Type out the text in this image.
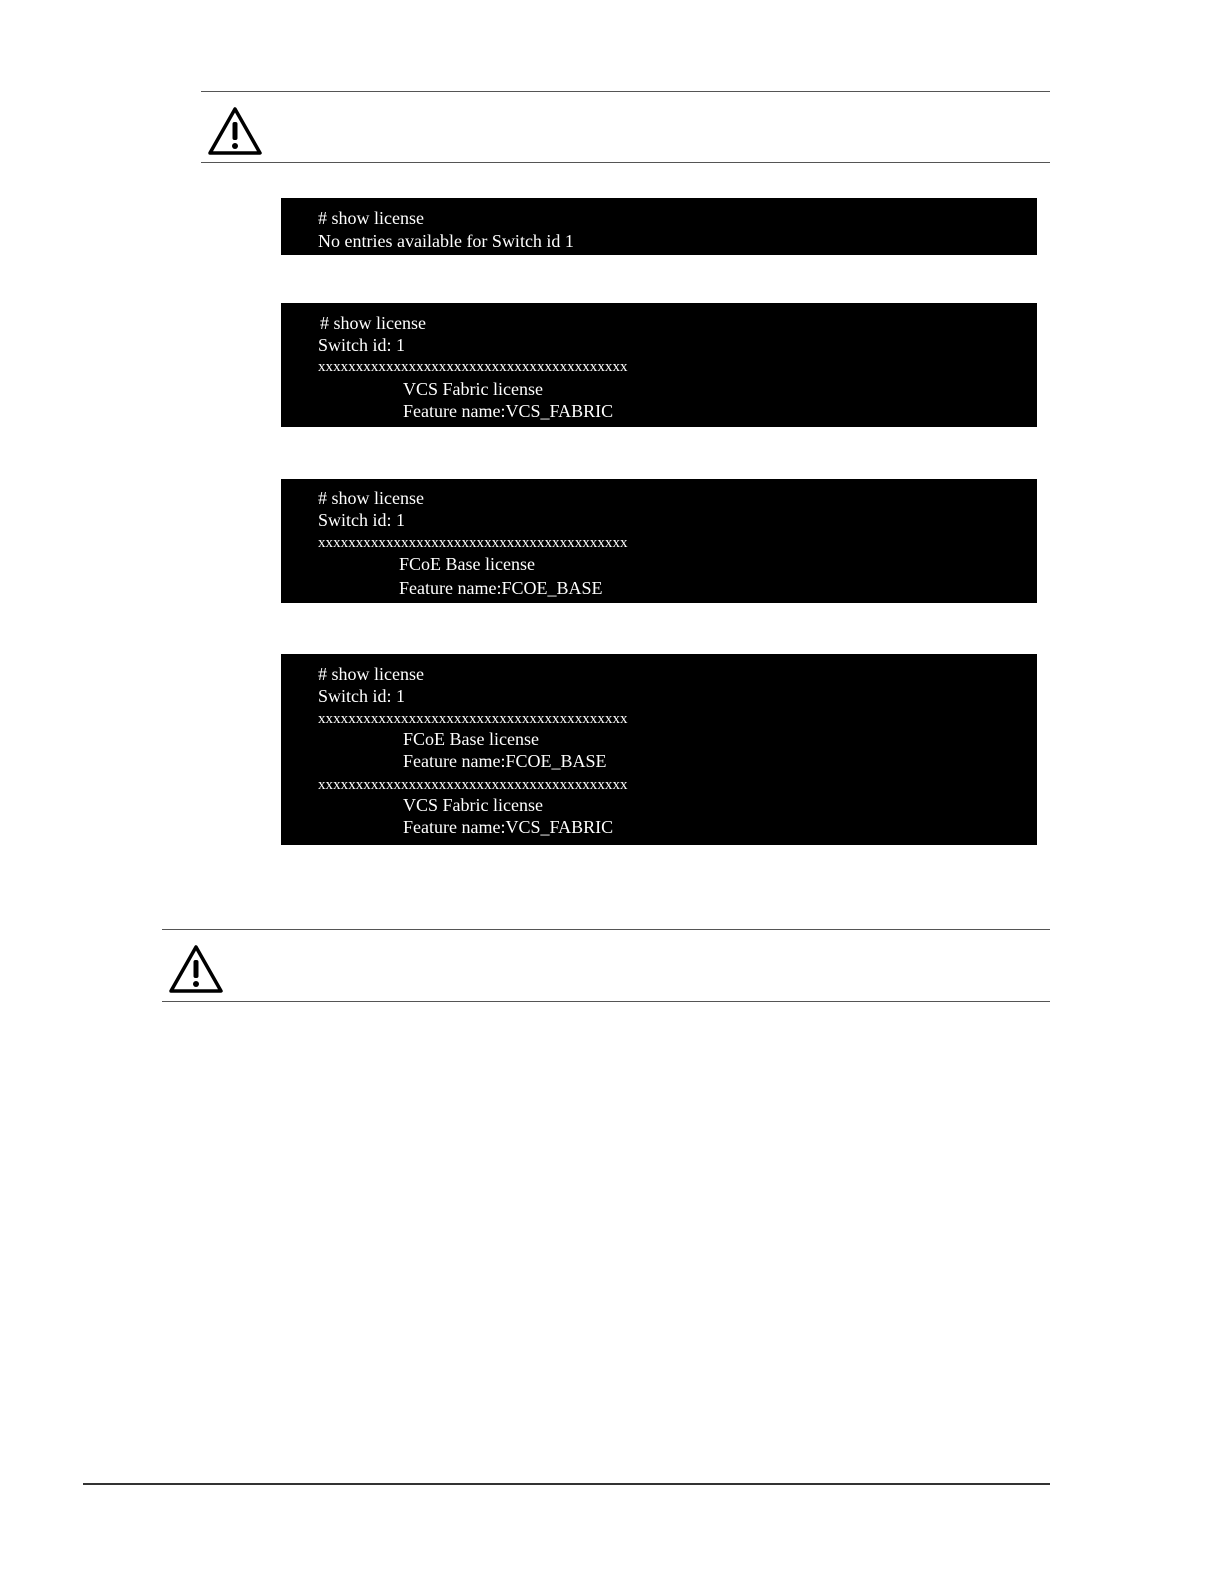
# show license
No entries available for Switch id 1
# show license
Switch id: 1
xxxxxxxxxxxxxxxxxxxxxxxxxxxxxxxxxxxxxxxxx
VCS Fabric license
Feature name:VCS_FABRIC
# show license
Switch id: 1
xxxxxxxxxxxxxxxxxxxxxxxxxxxxxxxxxxxxxxxxx
FCoE Base license
Feature name:FCOE_BASE
# show license
Switch id: 1
xxxxxxxxxxxxxxxxxxxxxxxxxxxxxxxxxxxxxxxxx
FCoE Base license
Feature name:FCOE_BASE
xxxxxxxxxxxxxxxxxxxxxxxxxxxxxxxxxxxxxxxxx
VCS Fabric license
Feature name:VCS_FABRIC
